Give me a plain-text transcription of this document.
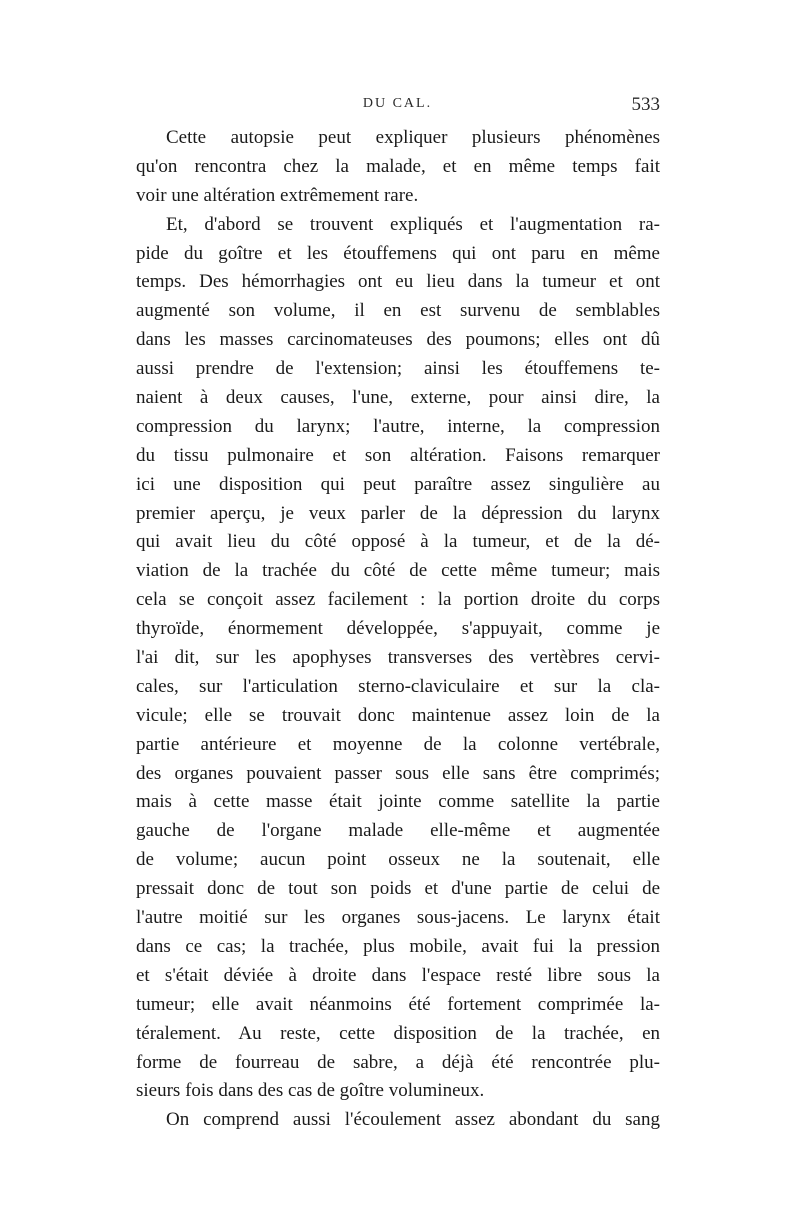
DU CAL.	533
Cette autopsie peut expliquer plusieurs phénomènes
qu'on rencontra chez la malade, et en même temps fait
voir une altération extrêmement rare.
Et, d'abord se trouvent expliqués et l'augmentation ra-
pide du goître et les étouffemens qui ont paru en même
temps. Des hémorrhagies ont eu lieu dans la tumeur et ont
augmenté son volume, il en est survenu de semblables
dans les masses carcinomateuses des poumons; elles ont dû
aussi prendre de l'extension; ainsi les étouffemens te-
naient à deux causes, l'une, externe, pour ainsi dire, la
compression du larynx; l'autre, interne, la compression
du tissu pulmonaire et son altération. Faisons remarquer
ici une disposition qui peut paraître assez singulière au
premier aperçu, je veux parler de la dépression du larynx
qui avait lieu du côté opposé à la tumeur, et de la dé-
viation de la trachée du côté de cette même tumeur; mais
cela se conçoit assez facilement : la portion droite du corps
thyroïde, énormement développée, s'appuyait, comme je
l'ai dit, sur les apophyses transverses des vertèbres cervi-
cales, sur l'articulation sterno-claviculaire et sur la cla-
vicule; elle se trouvait donc maintenue assez loin de la
partie antérieure et moyenne de la colonne vertébrale,
des organes pouvaient passer sous elle sans être comprimés;
mais à cette masse était jointe comme satellite la partie
gauche de l'organe malade elle-même et augmentée
de volume; aucun point osseux ne la soutenait, elle
pressait donc de tout son poids et d'une partie de celui de
l'autre moitié sur les organes sous-jacens. Le larynx était
dans ce cas; la trachée, plus mobile, avait fui la pression
et s'était déviée à droite dans l'espace resté libre sous la
tumeur; elle avait néanmoins été fortement comprimée la-
téralement. Au reste, cette disposition de la trachée, en
forme de fourreau de sabre, a déjà été rencontrée plu-
sieurs fois dans des cas de goître volumineux.
On comprend aussi l'écoulement assez abondant du sang
